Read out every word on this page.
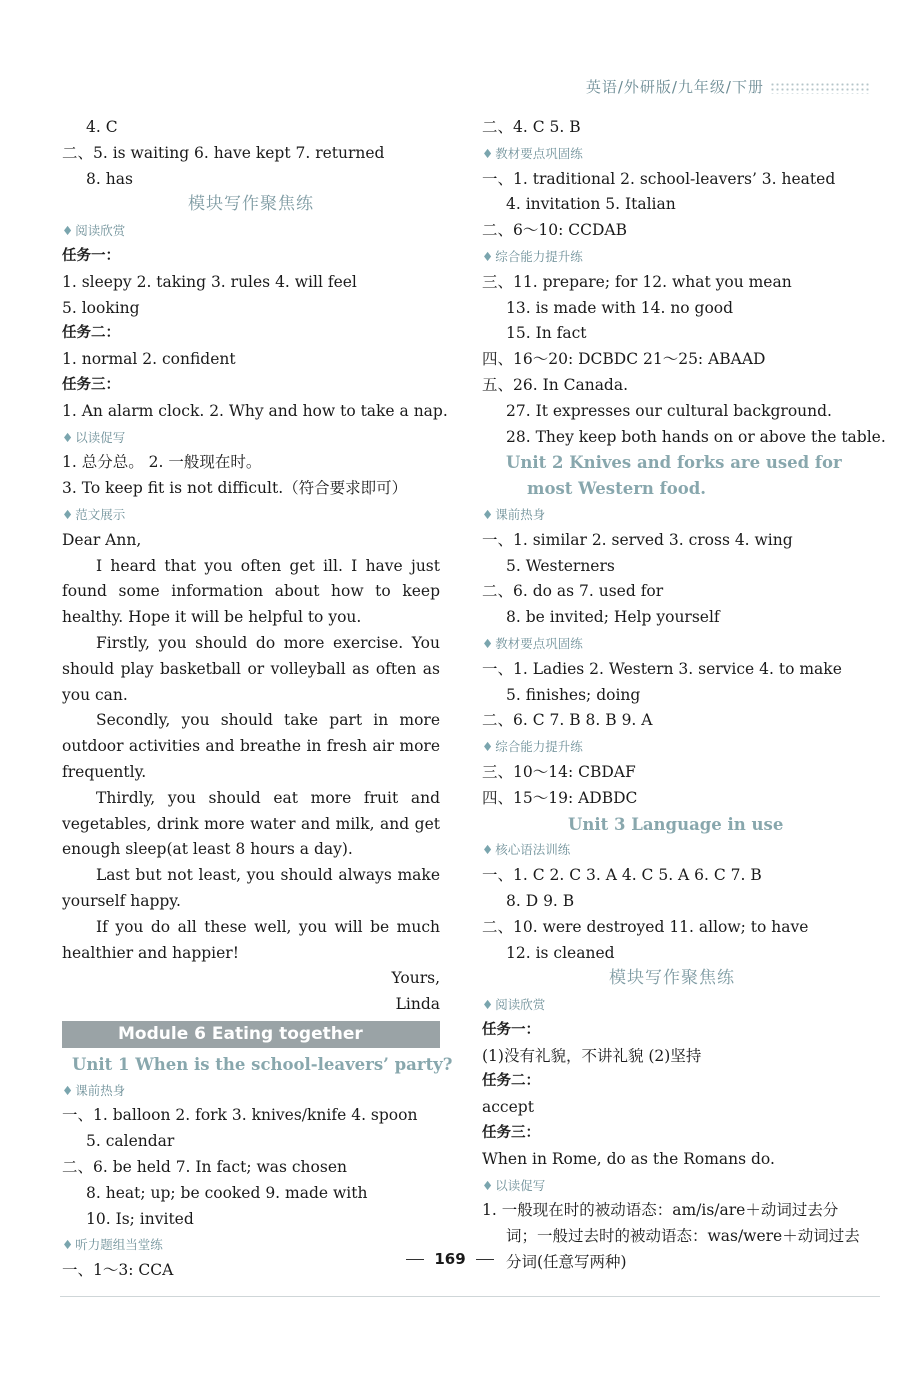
英语/外研版/九年级/下册
4. C
二、5. is waiting 6. have kept 7. returned
8. has
模块写作聚焦练
♦ 阅读欣赏
任务一：
1. sleepy 2. taking 3. rules 4. will feel
5. looking
任务二：
1. normal 2. confident
任务三：
1. An alarm clock. 2. Why and how to take a nap.
♦ 以读促写
1. 总分总。 2. 一般现在时。
3. To keep fit is not difficult.（符合要求即可）
♦ 范文展示
Dear Ann,
I heard that you often get ill. I have just found some information about how to keep healthy. Hope it will be helpful to you.
Firstly, you should do more exercise. You should play basketball or volleyball as often as you can.
Secondly, you should take part in more outdoor activities and breathe in fresh air more frequently.
Thirdly, you should eat more fruit and vegetables, drink more water and milk, and get enough sleep(at least 8 hours a day).
Last but not least, you should always make yourself happy.
If you do all these well, you will be much healthier and happier!
Yours,
Linda
Module 6 Eating together
Unit 1 When is the school-leavers’ party?
♦ 课前热身
一、1. balloon 2. fork 3. knives/knife 4. spoon
5. calendar
二、6. be held 7. In fact; was chosen
8. heat; up; be cooked 9. made with
10. Is; invited
♦ 听力题组当堂练
一、1～3: CCA
二、4. C 5. B
♦ 教材要点巩固练
一、1. traditional 2. school-leavers’ 3. heated
4. invitation 5. Italian
二、6～10: CCDAB
♦ 综合能力提升练
三、11. prepare; for 12. what you mean
13. is made with 14. no good
15. In fact
四、16～20: DCBDC 21～25: ABAAD
五、26. In Canada.
27. It expresses our cultural background.
28. They keep both hands on or above the table.
Unit 2 Knives and forks are used for
most Western food.
♦ 课前热身
一、1. similar 2. served 3. cross 4. wing
5. Westerners
二、6. do as 7. used for
8. be invited; Help yourself
♦ 教材要点巩固练
一、1. Ladies 2. Western 3. service 4. to make
5. finishes; doing
二、6. C 7. B 8. B 9. A
♦ 综合能力提升练
三、10～14: CBDAF
四、15～19: ADBDC
Unit 3 Language in use
♦ 核心语法训练
一、1. C 2. C 3. A 4. C 5. A 6. C 7. B
8. D 9. B
二、10. were destroyed 11. allow; to have
12. is cleaned
模块写作聚焦练
♦ 阅读欣赏
任务一：
(1)没有礼貌，不讲礼貌 (2)坚持
任务二：
accept
任务三：
When in Rome, do as the Romans do.
♦ 以读促写
1. 一般现在时的被动语态：am/is/are＋动词过去分
词；一般过去时的被动语态：was/were＋动词过去
分词(任意写两种)
169
